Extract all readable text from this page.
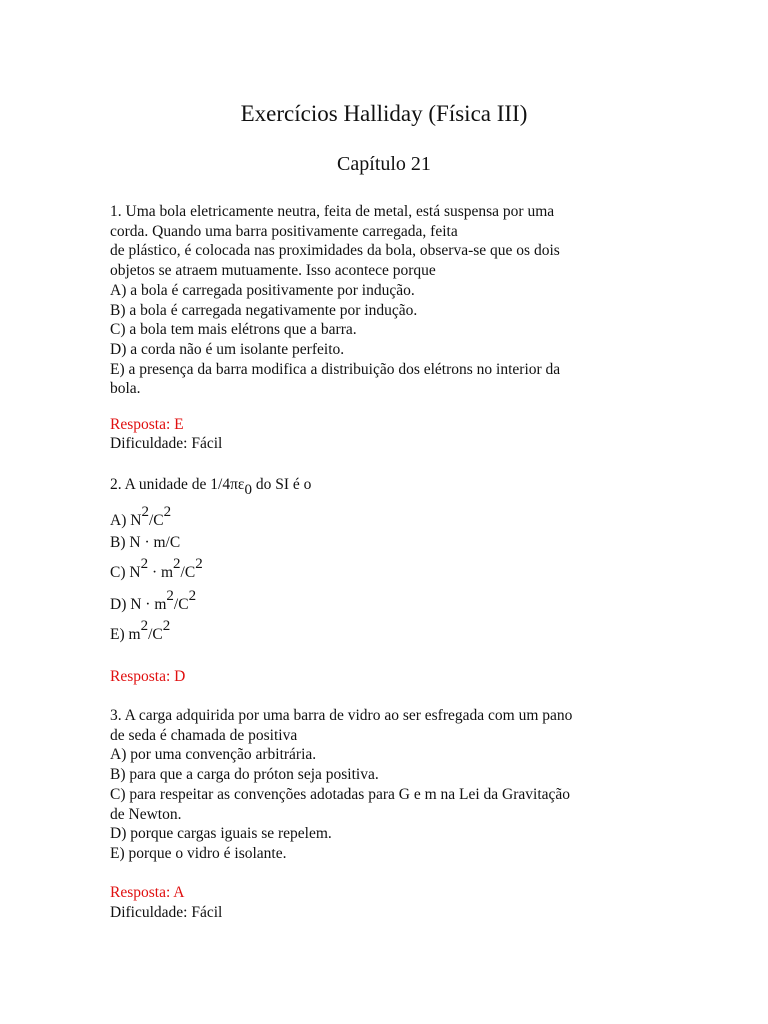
Exercícios Halliday (Física III)
Capítulo 21
1. Uma bola eletricamente neutra, feita de metal, está suspensa por uma
corda. Quando uma barra positivamente carregada, feita
de plástico, é colocada nas proximidades da bola, observa-se que os dois
objetos se atraem mutuamente. Isso acontece porque
A) a bola é carregada positivamente por indução.
B) a bola é carregada negativamente por indução.
C) a bola tem mais elétrons que a barra.
D) a corda não é um isolante perfeito.
E) a presença da barra modifica a distribuição dos elétrons no interior da
bola.
Resposta: E
Dificuldade: Fácil
2. A unidade de $1/4\pi\varepsilon_0$ do SI é o
A) $N^2/C^2$
B) N · m/C
C) $N^2 \cdot m^2/C^2$
D) $N \cdot m^2/C^2$
E) $m^2/C^2$
Resposta: D
3. A carga adquirida por uma barra de vidro ao ser esfregada com um pano
de seda é chamada de positiva
A) por uma convenção arbitrária.
B) para que a carga do próton seja positiva.
C) para respeitar as convenções adotadas para G e m na Lei da Gravitação
de Newton.
D) porque cargas iguais se repelem.
E) porque o vidro é isolante.
Resposta: A
Dificuldade: Fácil
